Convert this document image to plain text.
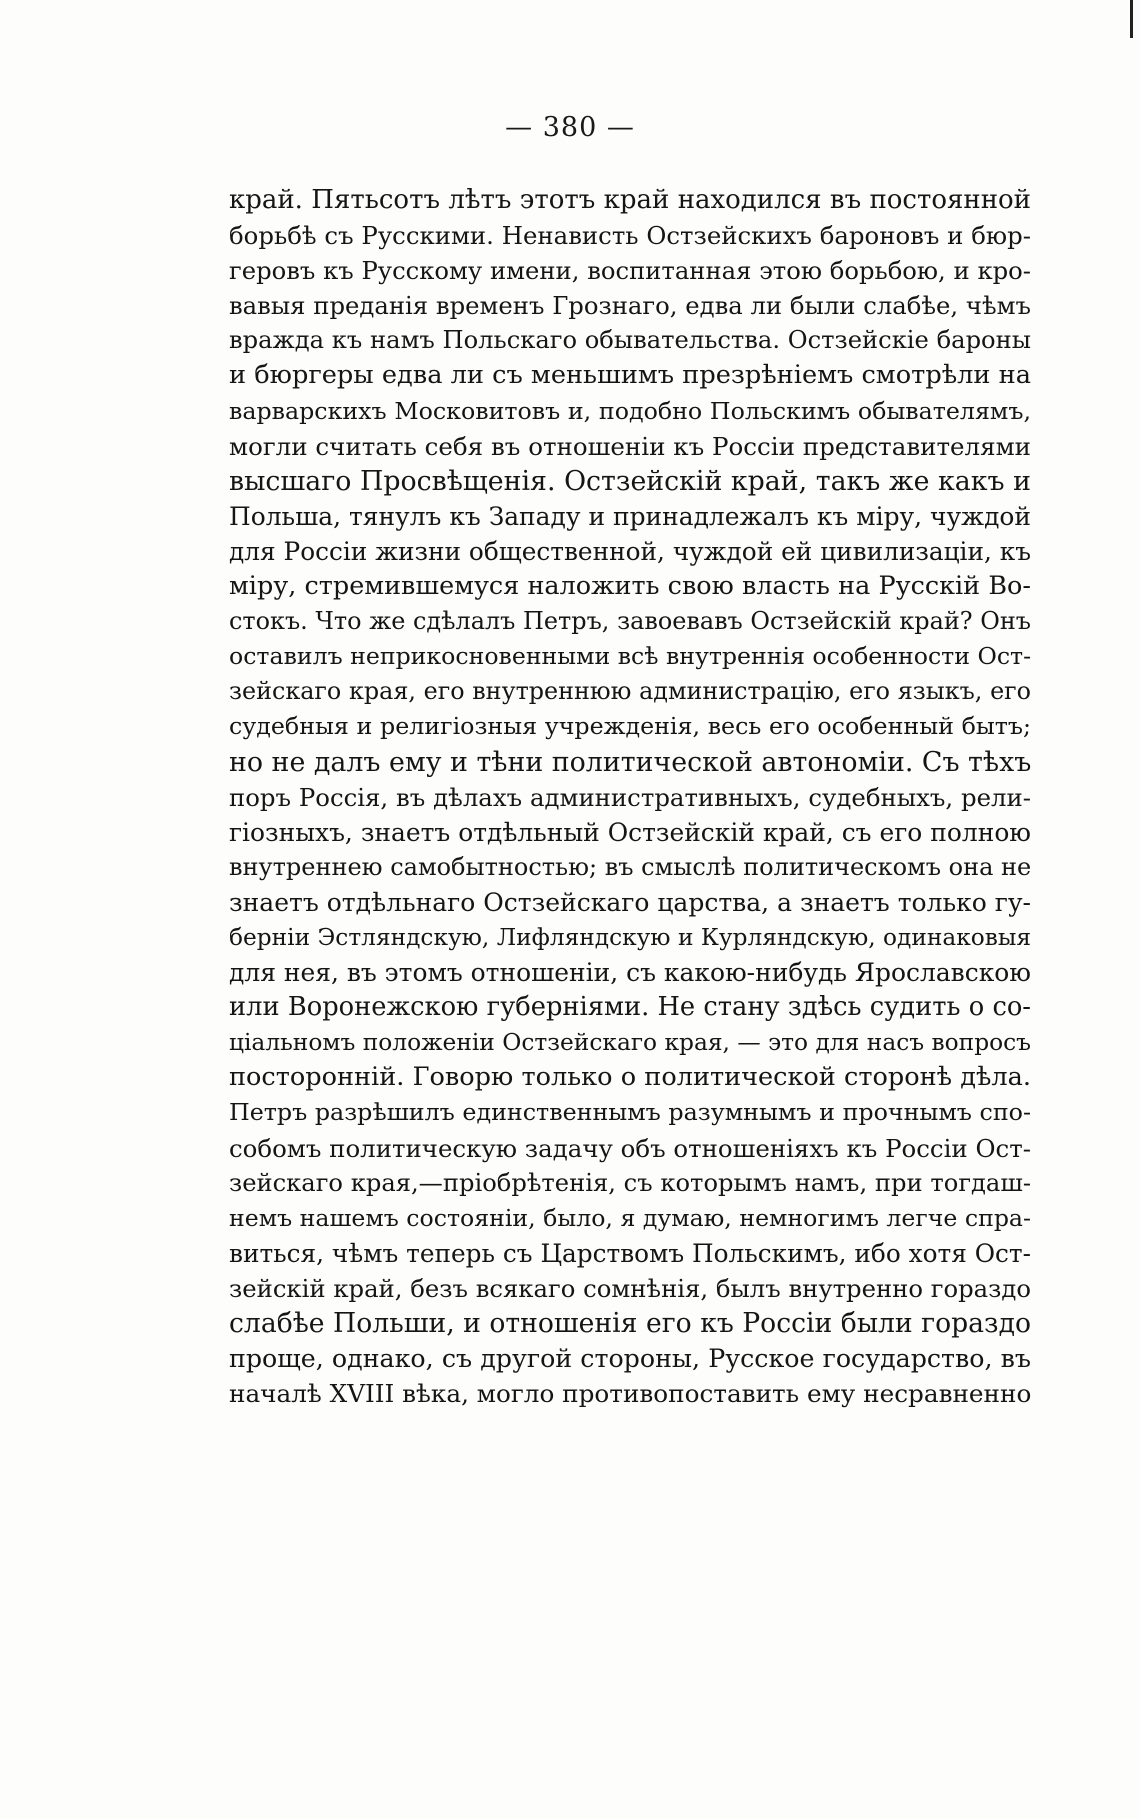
— 380 —
край. Пятьсотъ лѣтъ этотъ край находился въ постоянной
борьбѣ съ Русскими. Ненависть Остзейскихъ бароновъ и бюр-
геровъ къ Русскому имени, воспитанная этою борьбою, и кро-
вавыя преданія временъ Грознаго, едва ли были слабѣе, чѣмъ
вражда къ намъ Польскаго обывательства. Остзейскіе бароны
и бюргеры едва ли съ меньшимъ презрѣніемъ смотрѣли на
варварскихъ Московитовъ и, подобно Польскимъ обывателямъ,
могли считать себя въ отношеніи къ Россіи представителями
высшаго Просвѣщенія. Остзейскій край, такъ же какъ и
Польша, тянулъ къ Западу и принадлежалъ къ міру, чуждой
для Россіи жизни общественной, чуждой ей цивилизаціи, къ
міру, стремившемуся наложить свою власть на Русскій Во-
стокъ. Что же сдѣлалъ Петръ, завоевавъ Остзейскій край? Онъ
оставилъ неприкосновенными всѣ внутреннія особенности Ост-
зейскаго края, его внутреннюю администрацію, его языкъ, его
судебныя и религіозныя учрежденія, весь его особенный бытъ;
но не далъ ему и тѣни политической автономіи. Съ тѣхъ
поръ Россія, въ дѣлахъ административныхъ, судебныхъ, рели-
гіозныхъ, знаетъ отдѣльный Остзейскій край, съ его полною
внутреннею самобытностью; въ смыслѣ политическомъ она не
знаетъ отдѣльнаго Остзейскаго царства, а знаетъ только гу-
берніи Эстляндскую, Лифляндскую и Курляндскую, одинаковыя
для нея, въ этомъ отношеніи, съ какою-нибудь Ярославскою
или Воронежскою губерніями. Не стану здѣсь судить о со-
ціальномъ положеніи Остзейскаго края, — это для насъ вопросъ
посторонній. Говорю только о политической сторонѣ дѣла.
Петръ разрѣшилъ единственнымъ разумнымъ и прочнымъ спо-
собомъ политическую задачу объ отношеніяхъ къ Россіи Ост-
зейскаго края,—пріобрѣтенія, съ которымъ намъ, при тогдаш-
немъ нашемъ состояніи, было, я думаю, немногимъ легче спра-
виться, чѣмъ теперь съ Царствомъ Польскимъ, ибо хотя Ост-
зейскій край, безъ всякаго сомнѣнія, былъ внутренно гораздо
слабѣе Польши, и отношенія его къ Россіи были гораздо
проще, однако, съ другой стороны, Русское государство, въ
началѣ XVIII вѣка, могло противопоставить ему несравненно
